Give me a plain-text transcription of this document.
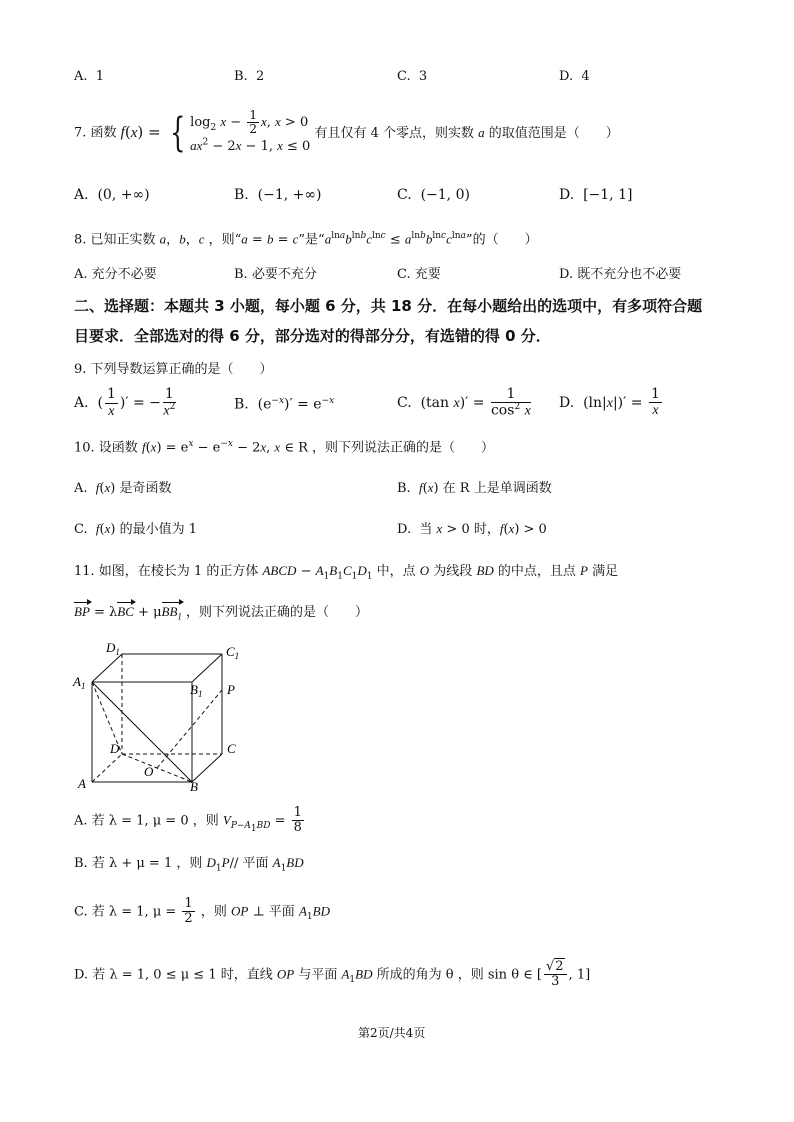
A.  1	B.  2	C.  3	D.  4
7. 函数 f(x) = { $\log_2 x - \frac{1}{2} x$, x > 0
$ax^2 - 2x - 1$, x ≤ 0
有且仅有 4 个零点，则实数 a 的取值范围是（　　）
A.  (0, +∞)	B.  (−1, +∞)	C.  (−1, 0)	D.  [−1, 1]
8. 已知正实数 a，b，c ，则“a = b = c”是“$a^{lna}b^{lnb}c^{lnc} \le a^{lnb}b^{lnc}c^{lna}$”的（　　）
A. 充分不必要	B. 必要不充分	C. 充要	D. 既不充分也不必要
二、选择题：本题共 3 小题，每小题 6 分，共 18 分．在每小题给出的选项中，有多项符合题
目要求．全部选对的得 6 分，部分选对的得部分分，有选错的得 0 分．
9. 下列导数运算正确的是（　　）
A.  ( $\frac{1}{x}$ )′ = − $\frac{1}{x^2}$	B.  $(e^{-x})' = e^{-x}$	C.  (tan $x)' = \frac{1}{\cos^2 x} D$.  $(\ln|x|)' = \frac{1}{x}$
10. 设函数 $f(x) = e^x - e^{-x} - 2x$, x ∈ R ，则下列说法正确的是（　　）
A.  f(x) 是奇函数	B.  f(x) 在 R 上是单调函数
C.  f(x) 的最小值为 1	D.  当 x > 0 时，f(x) > 0
11. 如图，在棱长为 1 的正方体 ABCD − $A_1B_1C_1D_1$ 中，点 O 为线段 BD 的中点，且点 P 满足
BP = λBC + μBB$_1$ ，则下列说法正确的是（　　）
$D_1$	$C_1$
$A_1$	$B_1$ P
D	C
O
A	B
A. 若 λ = 1, μ = 0 ，则 $V_{P-A_1BD} = \frac{1}{8}$
B. 若 λ + μ = 1 ，则 $D_1P//$ 平面 $A_1BD$
C. 若 λ = 1, $\mu = \frac{1}{2}$ ，则 OP ⊥ 平面 $A_1BD$
D. 若 λ = 1, 0 ≤ μ ≤ 1 时，直线 OP 与平面 $A_1BD$ 所成的角为 θ ，则 sin θ ∈ [ $\frac{√2}{3}$ , 1]
第2页/共4页
